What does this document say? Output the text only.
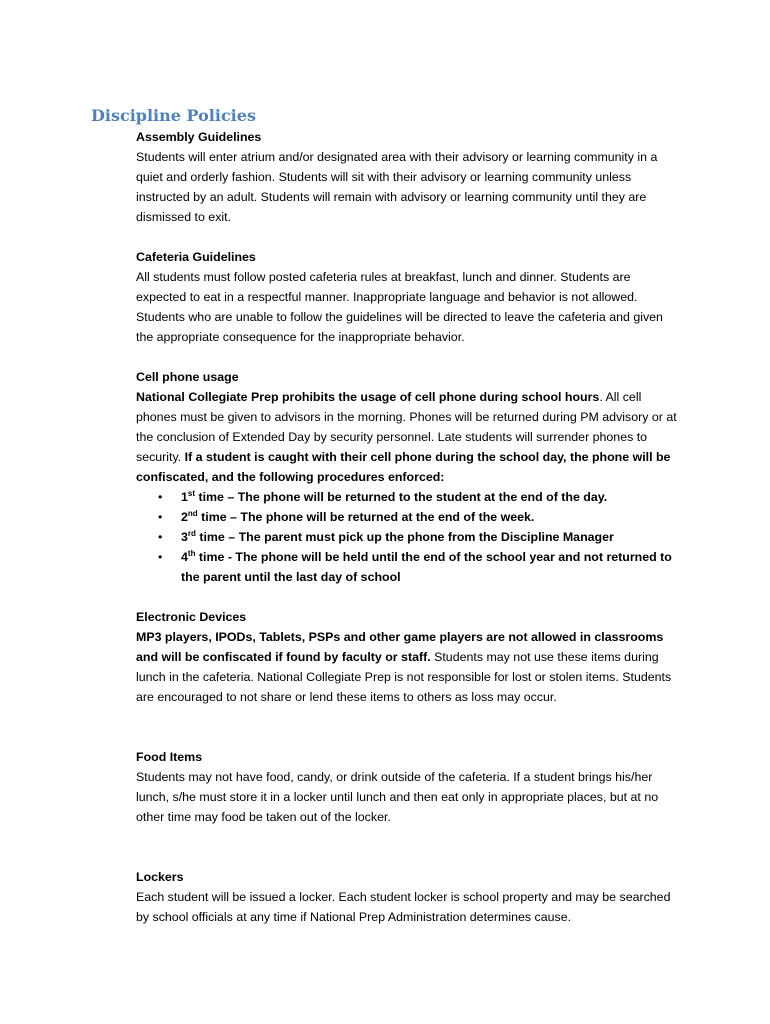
Discipline Policies
Assembly Guidelines

Students will enter atrium and/or designated area with their advisory or learning community in a quiet and orderly fashion. Students will sit with their advisory or learning community unless instructed by an adult. Students will remain with advisory or learning community until they are dismissed to exit.

Cafeteria Guidelines

All students must follow posted cafeteria rules at breakfast, lunch and dinner. Students are expected to eat in a respectful manner. Inappropriate language and behavior is not allowed. Students who are unable to follow the guidelines will be directed to leave the cafeteria and given the appropriate consequence for the inappropriate behavior.

Cell phone usage

National Collegiate Prep prohibits the usage of cell phone during school hours. All cell phones must be given to advisors in the morning. Phones will be returned during PM advisory or at the conclusion of Extended Day by security personnel. Late students will surrender phones to security. If a student is caught with their cell phone during the school day, the phone will be confiscated, and the following procedures enforced:

• 1st time – The phone will be returned to the student at the end of the day.
• 2nd time – The phone will be returned at the end of the week.
• 3rd time – The parent must pick up the phone from the Discipline Manager
• 4th time - The phone will be held until the end of the school year and not returned to the parent until the last day of school
Electronic Devices

MP3 players, IPODs, Tablets, PSPs and other game players are not allowed in classrooms and will be confiscated if found by faculty or staff. Students may not use these items during lunch in the cafeteria. National Collegiate Prep is not responsible for lost or stolen items. Students are encouraged to not share or lend these items to others as loss may occur.

Food Items

Students may not have food, candy, or drink outside of the cafeteria. If a student brings his/her lunch, s/he must store it in a locker until lunch and then eat only in appropriate places, but at no other time may food be taken out of the locker.

Lockers

Each student will be issued a locker. Each student locker is school property and may be searched by school officials at any time if National Prep Administration determines cause.
